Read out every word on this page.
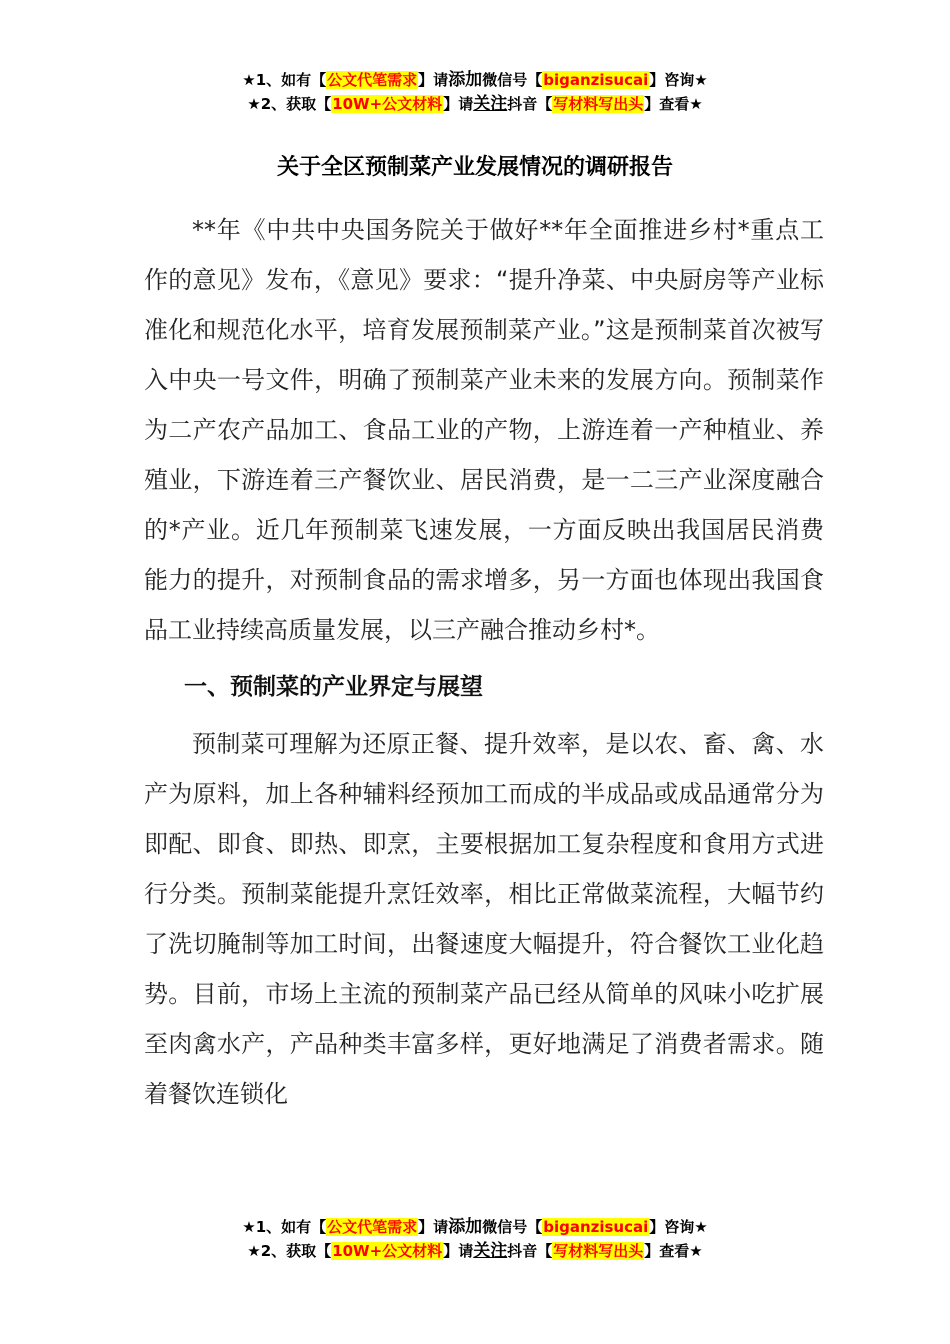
★1、如有【公文代笔需求】请添加微信号【biganzisucai】咨询★
★2、获取【10W+公文材料】请关注抖音【写材料写出头】查看★
关于全区预制菜产业发展情况的调研报告

**年《中共中央国务院关于做好**年全面推进乡村*重点工作的意见》发布，《意见》要求：“提升净菜、中央厨房等产业标准化和规范化水平，培育发展预制菜产业。”这是预制菜首次被写入中央一号文件，明确了预制菜产业未来的发展方向。预制菜作为二产农产品加工、食品工业的产物，上游连着一产种植业、养殖业，下游连着三产餐饮业、居民消费，是一二三产业深度融合的*产业。近几年预制菜飞速发展，一方面反映出我国居民消费能力的提升，对预制食品的需求增多，另一方面也体现出我国食品工业持续高质量发展，以三产融合推动乡村*。

一、预制菜的产业界定与展望

预制菜可理解为还原正餐、提升效率，是以农、畜、禽、水产为原料，加上各种辅料经预加工而成的半成品或成品通常分为即配、即食、即热、即烹，主要根据加工复杂程度和食用方式进行分类。预制菜能提升烹饪效率，相比正常做菜流程，大幅节约了洗切腌制等加工时间，出餐速度大幅提升，符合餐饮工业化趋势。目前，市场上主流的预制菜产品已经从简单的风味小吃扩展至肉禽水产，产品种类丰富多样，更好地满足了消费者需求。随着餐饮连锁化

★1、如有【公文代笔需求】请添加微信号【biganzisucai】咨询★
★2、获取【10W+公文材料】请关注抖音【写材料写出头】查看★
